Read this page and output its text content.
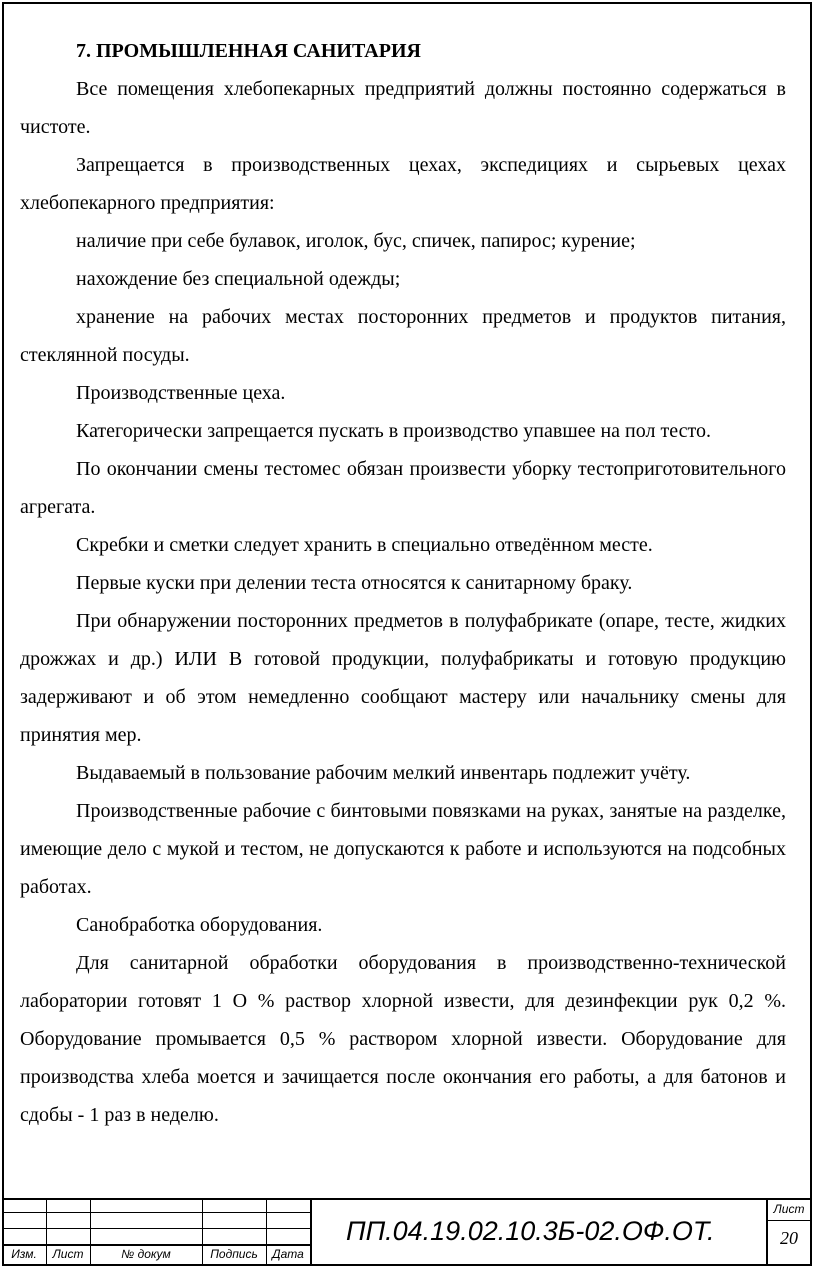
7. ПРОМЫШЛЕННАЯ САНИТАРИЯ

Все помещения хлебопекарных предприятий должны постоянно содержаться в чистоте.

Запрещается в производственных цехах, экспедициях и сырьевых цехах хлебопекарного предприятия:

наличие при себе булавок, иголок, бус, спичек, папирос; курение;

нахождение без специальной одежды;

хранение на рабочих местах посторонних предметов и продуктов питания, стеклянной посуды.

Производственные цеха.

Категорически запрещается пускать в производство упавшее на пол тесто.

По окончании смены тестомес обязан произвести уборку тестоприготовительного агрегата.

Скребки и сметки следует хранить в специально отведённом месте.

Первые куски при делении теста относятся к санитарному браку.

При обнаружении посторонних предметов в полуфабрикате (опаре, тесте, жидких дрожжах и др.) ИЛИ В готовой продукции, полуфабрикаты и готовую продукцию задерживают и об этом немедленно сообщают мастеру или начальнику смены для принятия мер.

Выдаваемый в пользование рабочим мелкий инвентарь подлежит учёту.

Производственные рабочие с бинтовыми повязками на руках, занятые на разделке, имеющие дело с мукой и тестом, не допускаются к работе и используются на подсобных работах.

Санобработка оборудования.

Для санитарной обработки оборудования в производственно-технической лаборатории готовят 1 О % раствор хлорной извести, для дезинфекции рук 0,2 %. Оборудование промывается 0,5 % раствором хлорной извести. Оборудование для производства хлеба моется и зачищается после окончания его работы, а для батонов и сдобы - 1 раз в неделю.

Изм.	Лист	№ докум	Подпись	Дата
ПП.04.19.02.10.3Б-02.ОФ.ОТ.
Лист
20
